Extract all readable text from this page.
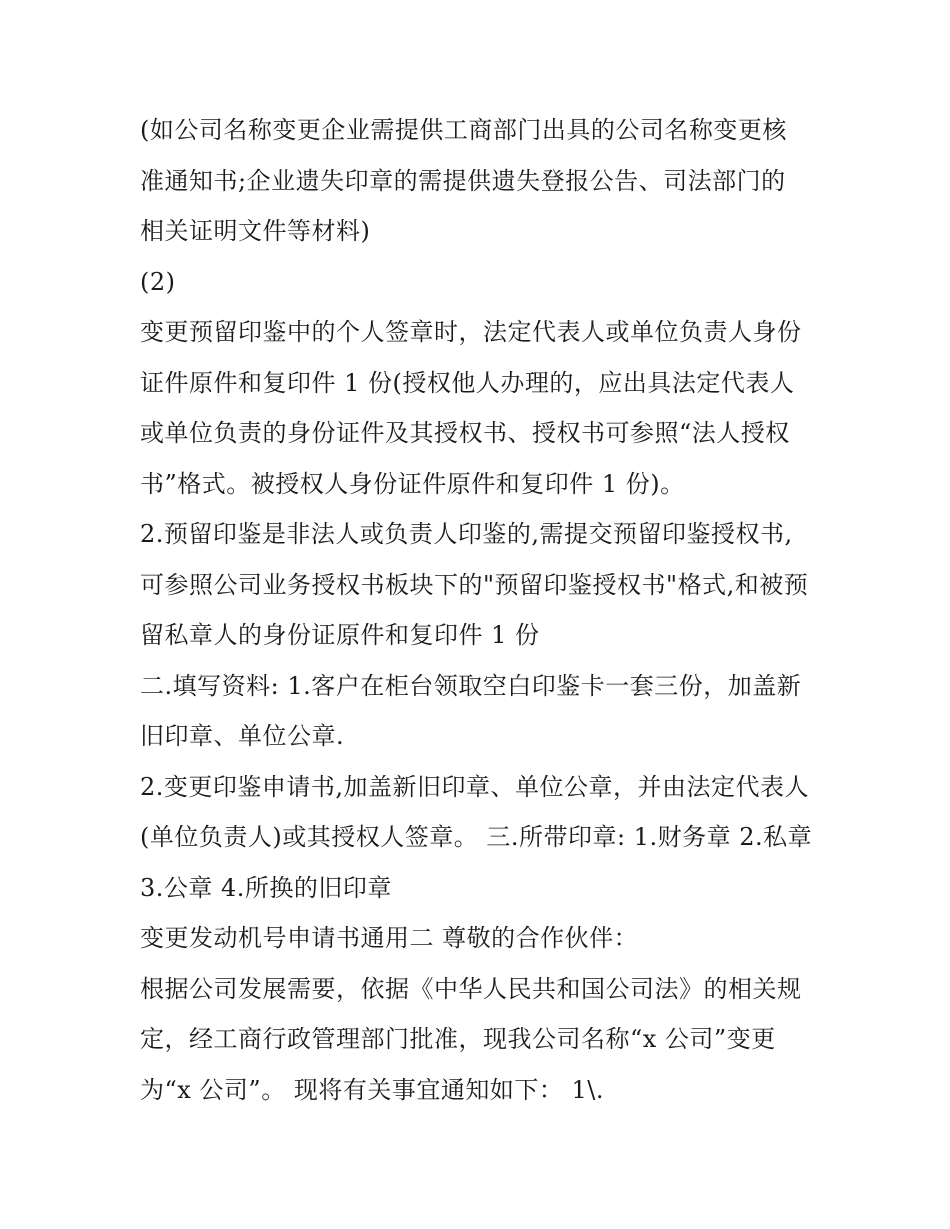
(如公司名称变更企业需提供工商部门出具的公司名称变更核
准通知书;企业遗失印章的需提供遗失登报公告、司法部门的
相关证明文件等材料)
(2)
变更预留印鉴中的个人签章时，法定代表人或单位负责人身份
证件原件和复印件 1 份(授权他人办理的，应出具法定代表人
或单位负责的身份证件及其授权书、授权书可参照“法人授权
书”格式。被授权人身份证件原件和复印件 1 份)。
2.预留印鉴是非法人或负责人印鉴的,需提交预留印鉴授权书,
可参照公司业务授权书板块下的"预留印鉴授权书"格式,和被预
留私章人的身份证原件和复印件 1 份
二.填写资料: 1.客户在柜台领取空白印鉴卡一套三份，加盖新
旧印章、单位公章.
2.变更印鉴申请书,加盖新旧印章、单位公章，并由法定代表人
(单位负责人)或其授权人签章。 三.所带印章: 1.财务章 2.私章
3.公章 4.所换的旧印章
变更发动机号申请书通用二 尊敬的合作伙伴：
根据公司发展需要，依据《中华人民共和国公司法》的相关规
定，经工商行政管理部门批准，现我公司名称“x 公司”变更
为“x 公司”。 现将有关事宜通知如下： 1\.
